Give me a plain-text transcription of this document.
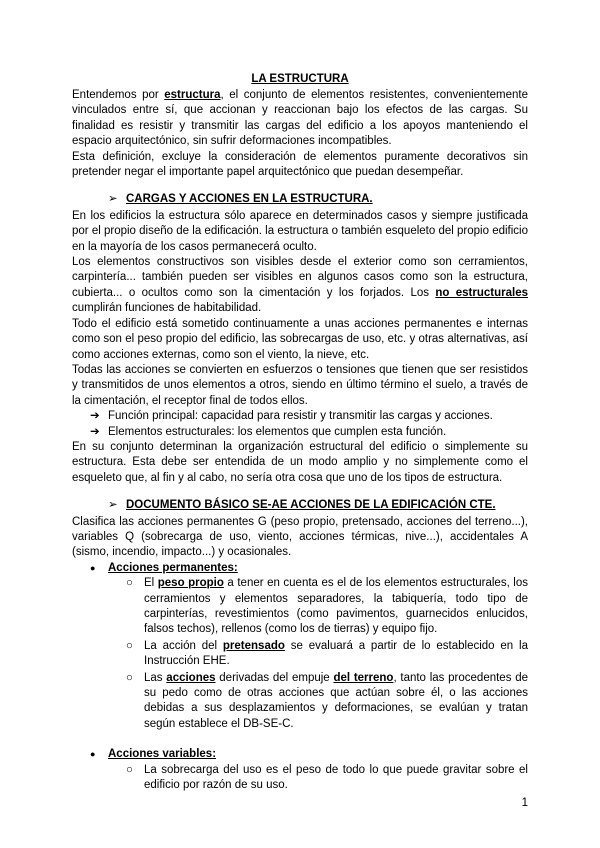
LA ESTRUCTURA

Entendemos por estructura, el conjunto de elementos resistentes, convenientemente vinculados entre sí, que accionan y reaccionan bajo los efectos de las cargas. Su finalidad es resistir y transmitir las cargas del edificio a los apoyos manteniendo el espacio arquitectónico, sin sufrir deformaciones incompatibles.

Esta definición, excluye la consideración de elementos puramente decorativos sin pretender negar el importante papel arquitectónico que puedan desempeñar.

➢ CARGAS Y ACCIONES EN LA ESTRUCTURA.

En los edificios la estructura sólo aparece en determinados casos y siempre justificada por el propio diseño de la edificación. la estructura o también esqueleto del propio edificio en la mayoría de los casos permanecerá oculto.

Los elementos constructivos son visibles desde el exterior como son cerramientos, carpintería... también pueden ser visibles en algunos casos como son la estructura, cubierta... o ocultos como son la cimentación y los forjados. Los no estructurales cumplirán funciones de habitabilidad.

Todo el edificio está sometido continuamente a unas acciones permanentes e internas como son el peso propio del edificio, las sobrecargas de uso, etc. y otras alternativas, así como acciones externas, como son el viento, la nieve, etc.

Todas las acciones se convierten en esfuerzos o tensiones que tienen que ser resistidos y transmitidos de unos elementos a otros, siendo en último término el suelo, a través de la cimentación, el receptor final de todos ellos.

➔ Función principal: capacidad para resistir y transmitir las cargas y acciones.
➔ Elementos estructurales: los elementos que cumplen esta función.

En su conjunto determinan la organización estructural del edificio o simplemente su estructura. Esta debe ser entendida de un modo amplio y no simplemente como el esqueleto que, al fin y al cabo, no sería otra cosa que uno de los tipos de estructura.

➢ DOCUMENTO BÁSICO SE-AE ACCIONES DE LA EDIFICACIÓN CTE.

Clasifica las acciones permanentes G (peso propio, pretensado, acciones del terreno...), variables Q (sobrecarga de uso, viento, acciones térmicas, nive...), accidentales A (sismo, incendio, impacto...) y ocasionales.

●	Acciones permanentes:
○ El peso propio a tener en cuenta es el de los elementos estructurales, los cerramientos y elementos separadores, la tabiquería, todo tipo de carpinterías, revestimientos (como pavimentos, guarnecidos enlucidos, falsos techos), rellenos (como los de tierras) y equipo fijo.
○ La acción del pretensado se evaluará a partir de lo establecido en la Instrucción EHE.
○ Las acciones derivadas del empuje del terreno, tanto las procedentes de su pedo como de otras acciones que actúan sobre él, o las acciones debidas a sus desplazamientos y deformaciones, se evalúan y tratan según establece el DB-SE-C.
●	Acciones variables:
○ La sobrecarga del uso es el peso de todo lo que puede gravitar sobre el edificio por razón de su uso.
1
